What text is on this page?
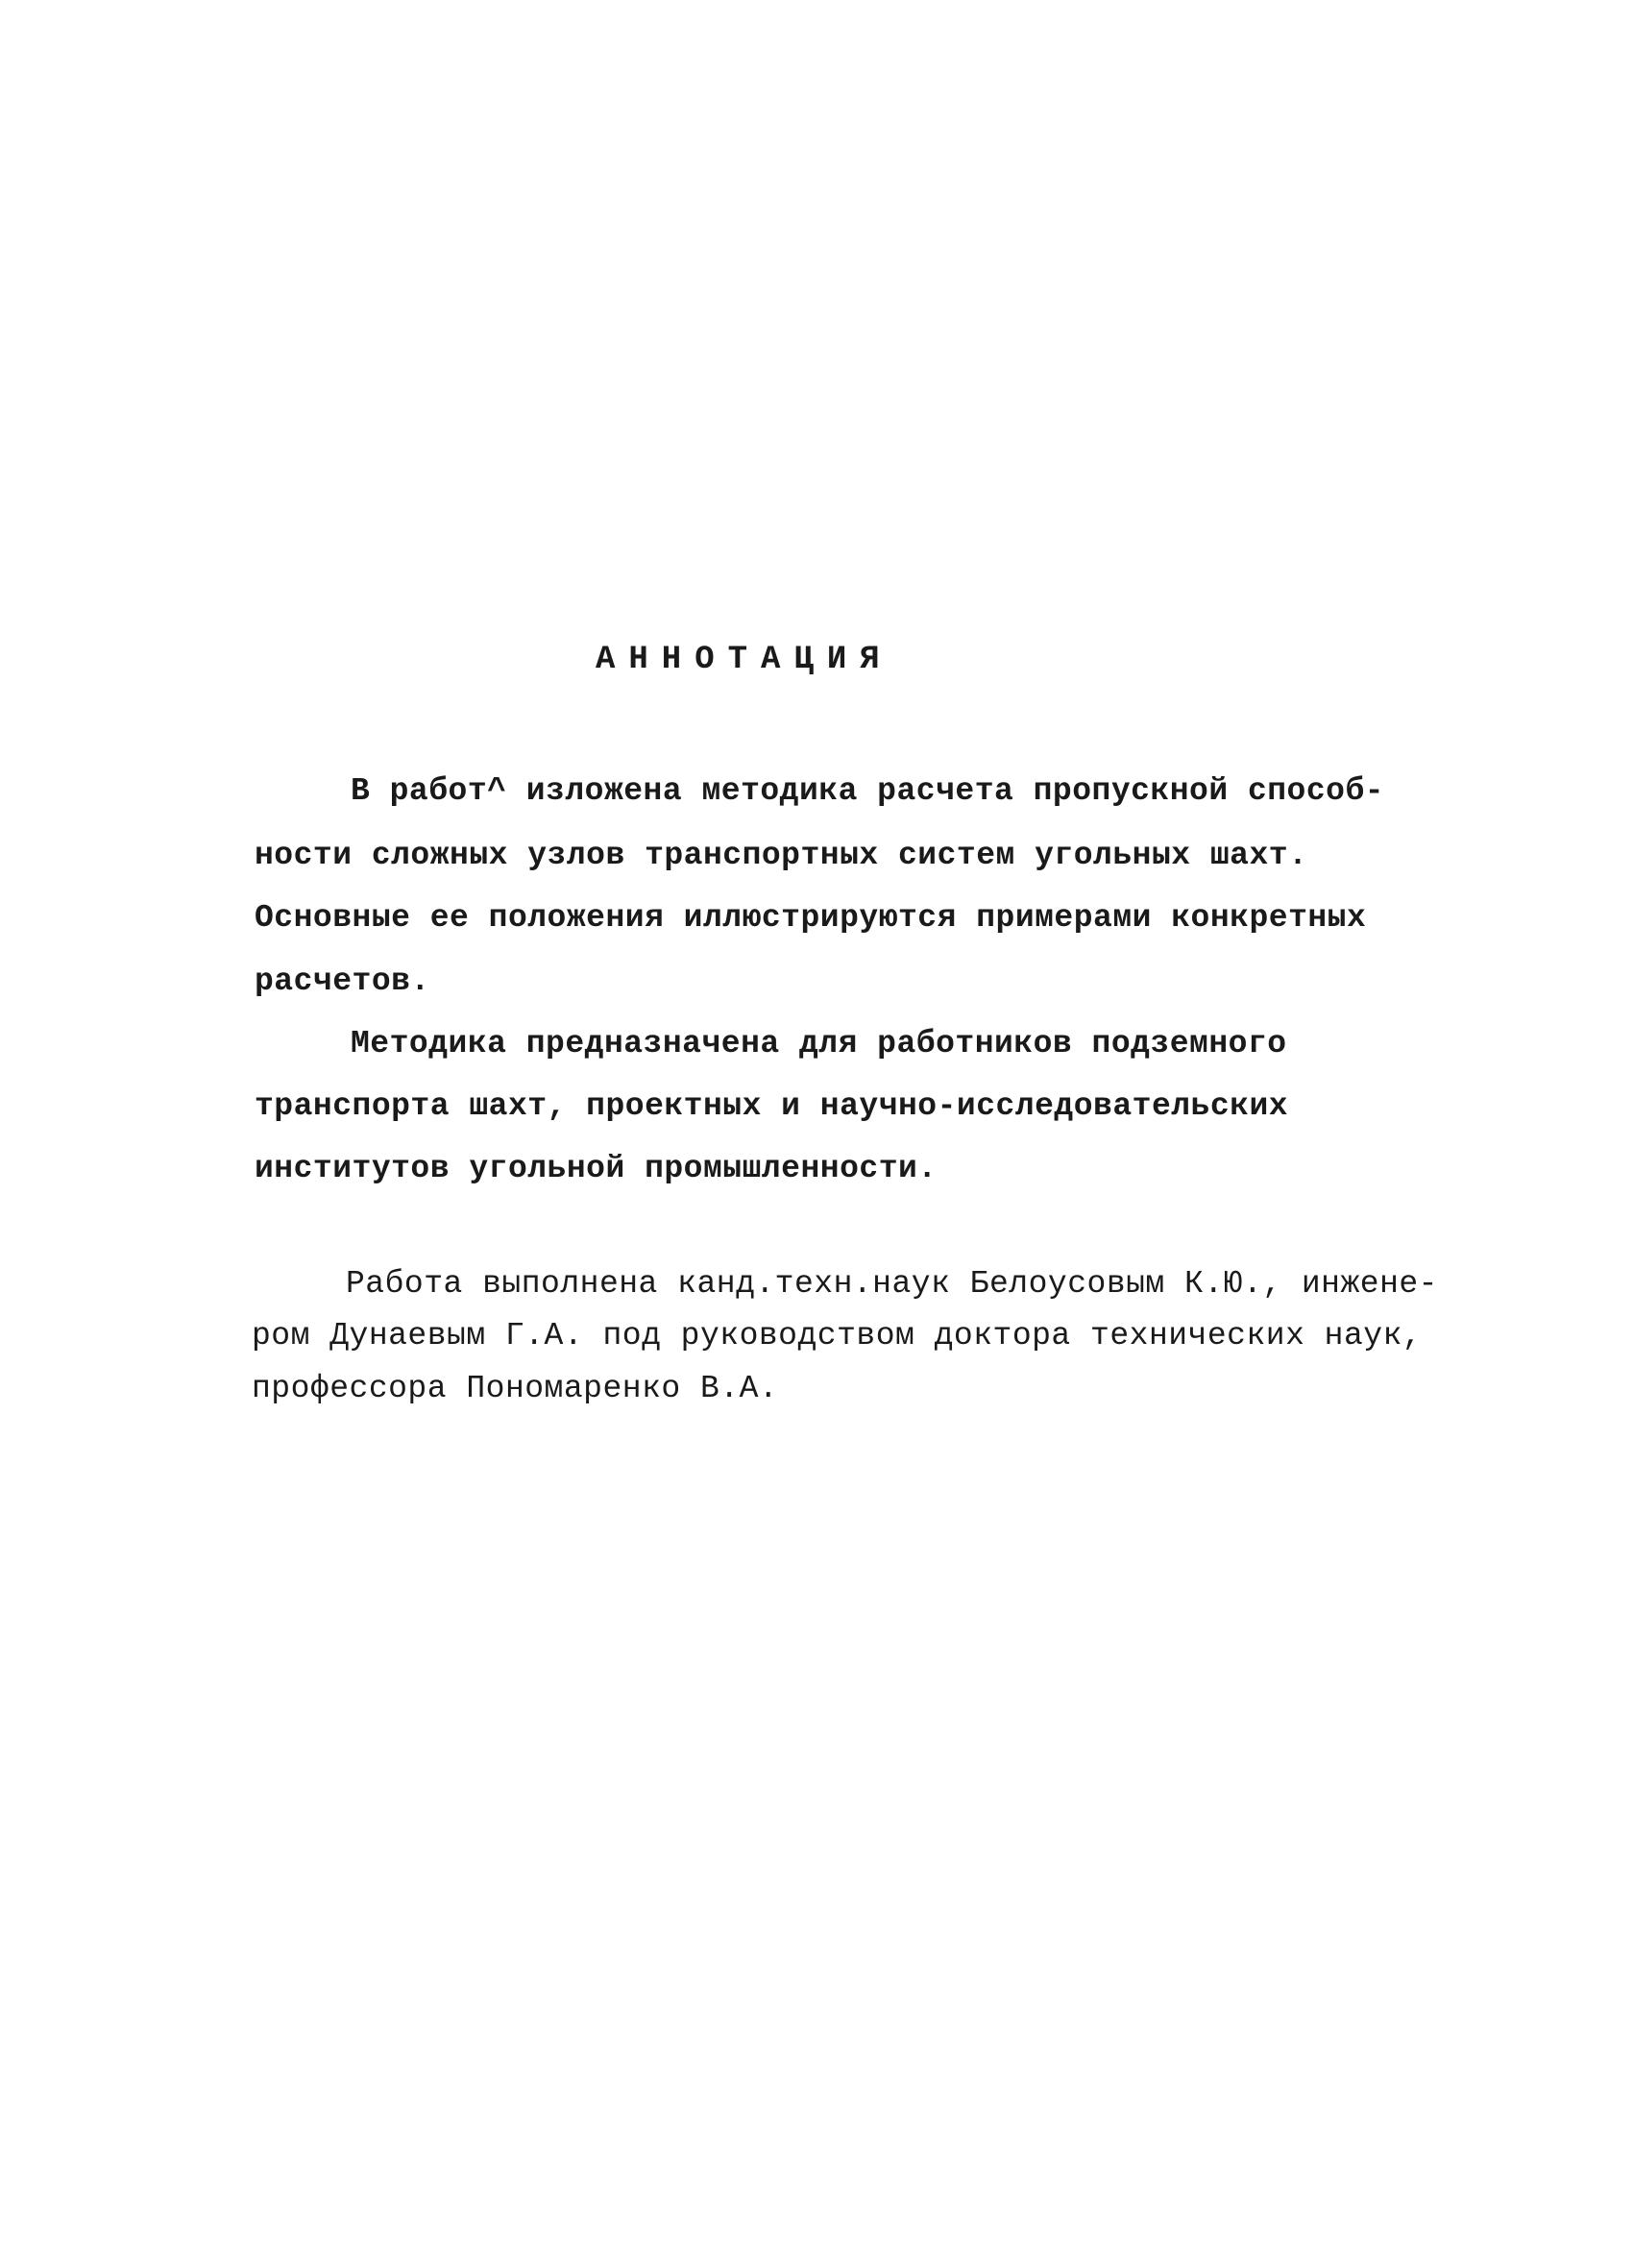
АННОТАЦИЯ
В работ^ изложена методика расчета пропускной способ-
ности сложных узлов транспортных систем угольных шахт.
Основные ее положения иллюстрируются примерами конкретных
расчетов.
Методика предназначена для работников подземного
транспорта шахт, проектных и научно-исследовательских
институтов угольной промышленности.
Работа выполнена канд.техн.наук Белоусовым К.Ю., инжене-
ром Дунаевым Г.А. под руководством доктора технических наук,
профессора Пономаренко В.А.
